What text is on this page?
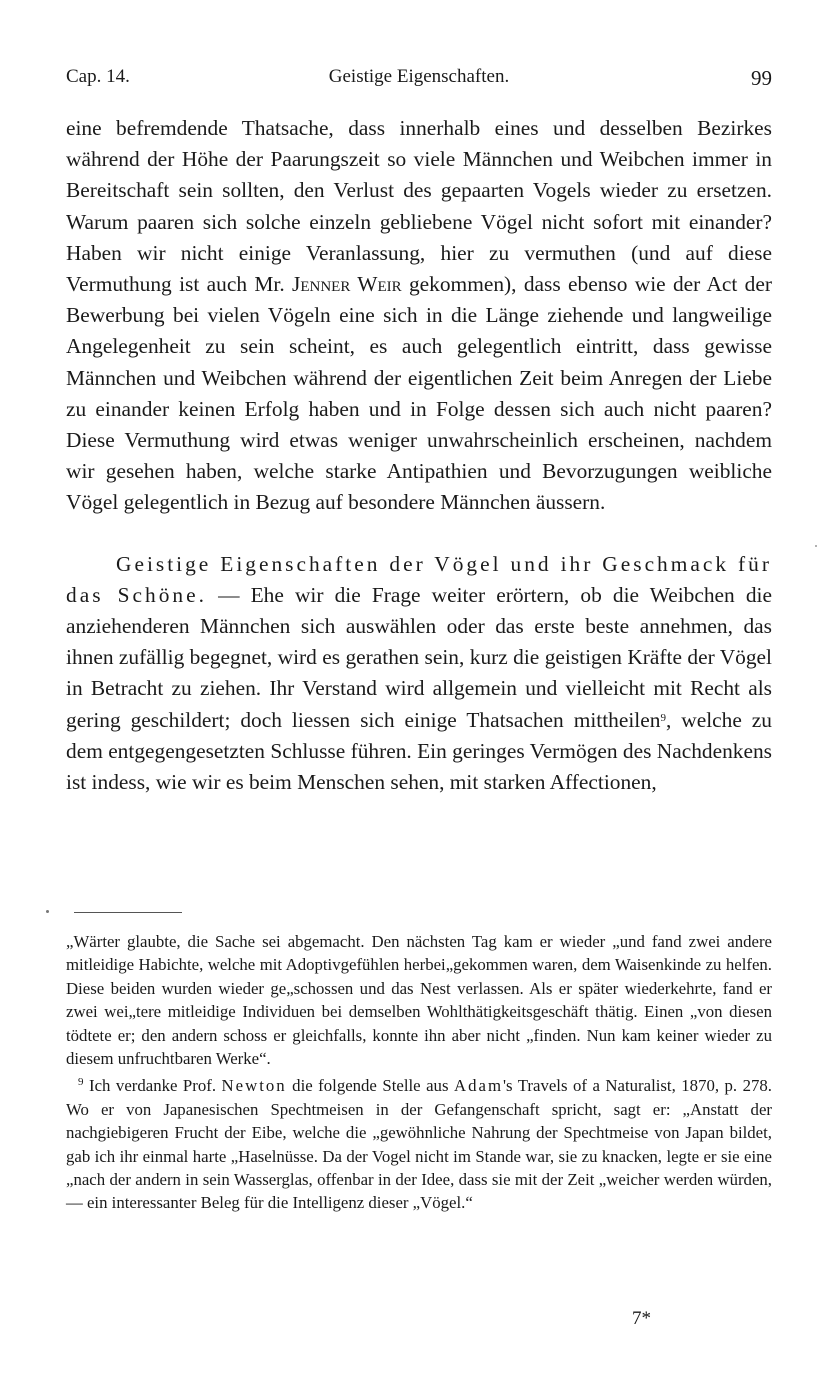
Cap. 14.	Geistige Eigenschaften.	99

eine befremdende Thatsache, dass innerhalb eines und desselben Bezirkes während der Höhe der Paarungszeit so viele Männchen und Weibchen immer in Bereitschaft sein sollten, den Verlust des gepaarten Vogels wieder zu ersetzen. Warum paaren sich solche einzeln gebliebene Vögel nicht sofort mit einander? Haben wir nicht einige Veranlassung, hier zu vermuthen (und auf diese Vermuthung ist auch Mr. Jenner Weir gekommen), dass ebenso wie der Act der Bewerbung bei vielen Vögeln eine sich in die Länge ziehende und langweilige Angelegenheit zu sein scheint, es auch gelegentlich eintritt, dass gewisse Männchen und Weibchen während der eigentlichen Zeit beim Anregen der Liebe zu einander keinen Erfolg haben und in Folge dessen sich auch nicht paaren? Diese Vermuthung wird etwas weniger unwahrscheinlich erscheinen, nachdem wir gesehen haben, welche starke Antipathien und Bevorzugungen weibliche Vögel gelegentlich in Bezug auf besondere Männchen äussern.

Geistige Eigenschaften der Vögel und ihr Geschmack für das Schöne. — Ehe wir die Frage weiter erörtern, ob die Weibchen die anziehenderen Männchen sich auswählen oder das erste beste annehmen, das ihnen zufällig begegnet, wird es gerathen sein, kurz die geistigen Kräfte der Vögel in Betracht zu ziehen. Ihr Verstand wird allgemein und vielleicht mit Recht als gering geschildert; doch liessen sich einige Thatsachen mittheilen$^9$, welche zu dem entgegengesetzten Schlusse führen. Ein geringes Vermögen des Nachdenkens ist indess, wie wir es beim Menschen sehen, mit starken Affectionen,

„Wärter glaubte, die Sache sei abgemacht. Den nächsten Tag kam er wieder „und fand zwei andere mitleidige Habichte, welche mit Adoptivgefühlen herbei„gekommen waren, dem Waisenkinde zu helfen. Diese beiden wurden wieder ge„schossen und das Nest verlassen. Als er später wiederkehrte, fand er zwei wei„tere mitleidige Individuen bei demselben Wohlthätigkeitsgeschäft thätig. Einen „von diesen tödtete er; den andern schoss er gleichfalls, konnte ihn aber nicht „finden. Nun kam keiner wieder zu diesem unfruchtbaren Werke“.

$^9$ Ich verdanke Prof. Newton die folgende Stelle aus Adam's Travels of a Naturalist, 1870, p. 278. Wo er von Japanesischen Spechtmeisen in der Gefangenschaft spricht, sagt er: „Anstatt der nachgiebigeren Frucht der Eibe, welche die „gewöhnliche Nahrung der Spechtmeise von Japan bildet, gab ich ihr einmal harte „Haselnüsse. Da der Vogel nicht im Stande war, sie zu knacken, legte er sie eine „nach der andern in sein Wasserglas, offenbar in der Idee, dass sie mit der Zeit „weicher werden würden, — ein interessanter Beleg für die Intelligenz dieser „Vögel.“

7*
